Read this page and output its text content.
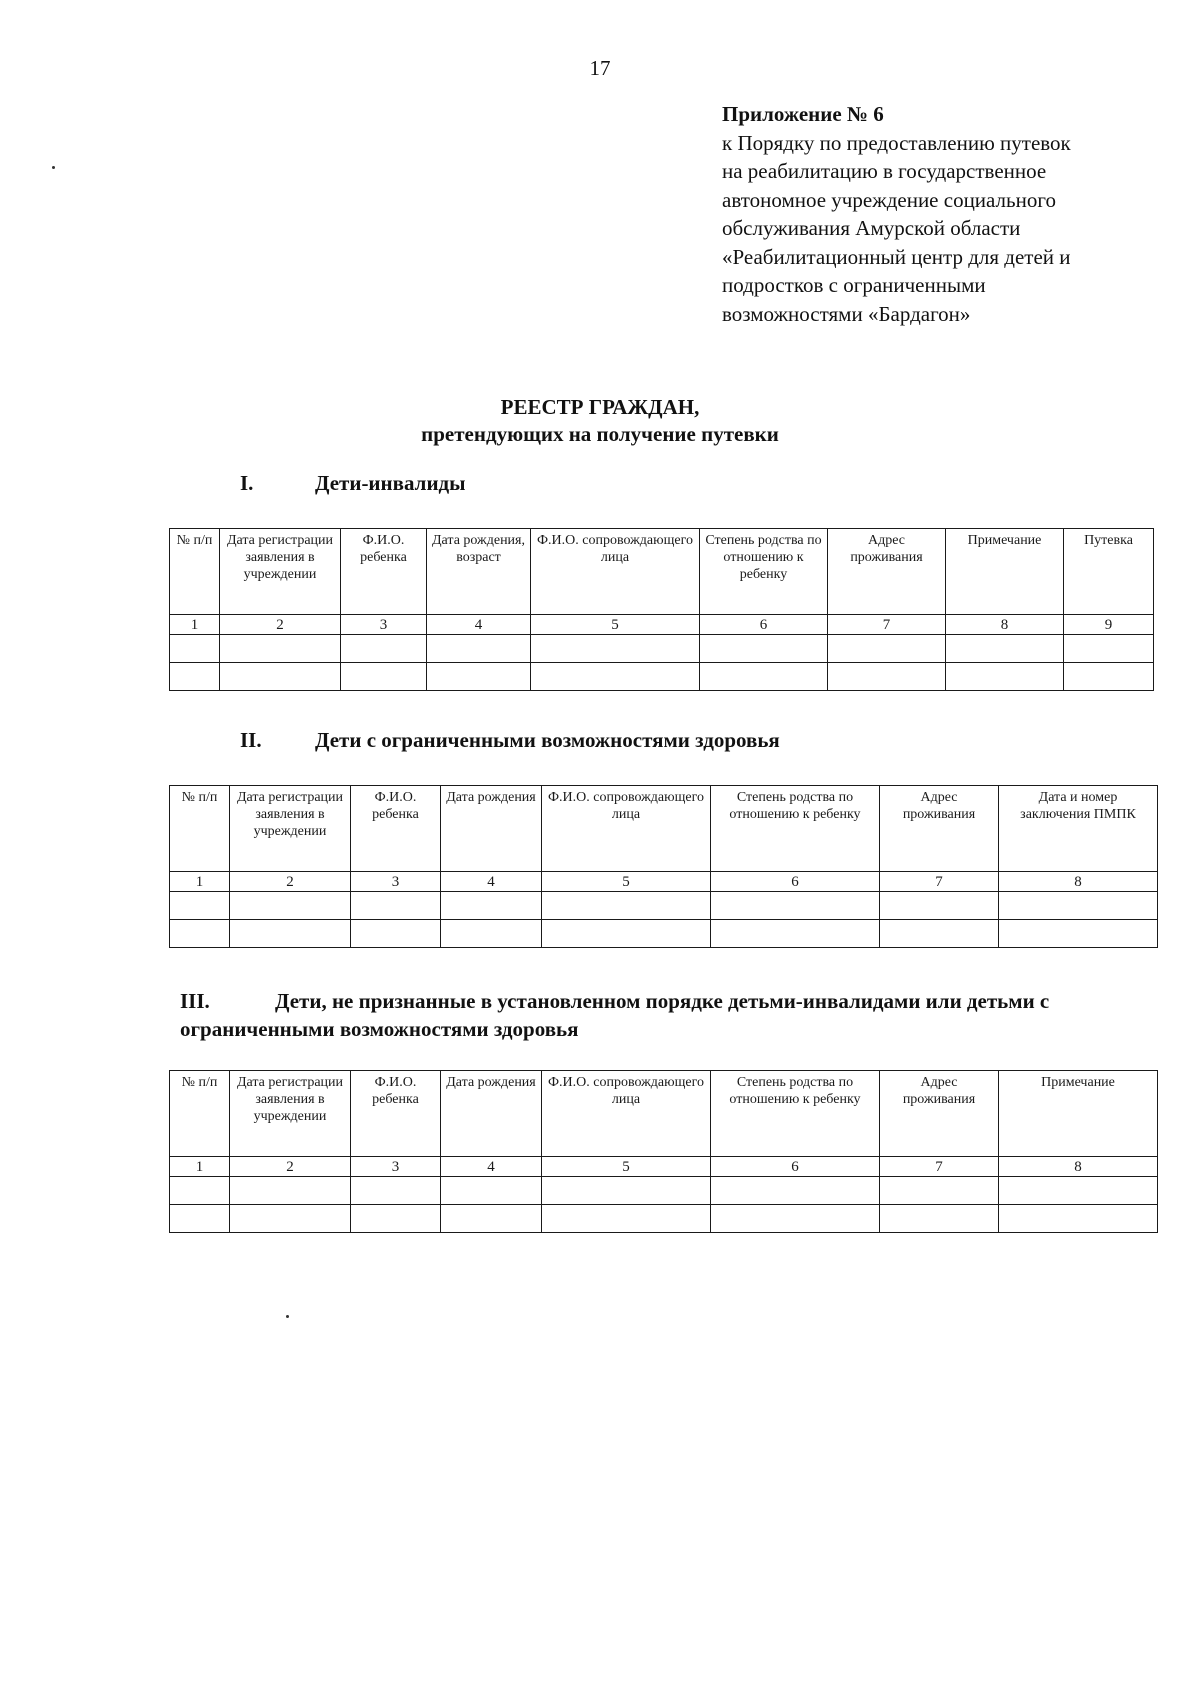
17
Приложение № 6
к Порядку по предоставлению путевок
на реабилитацию в государственное
автономное учреждение социального
обслуживания Амурской области
«Реабилитационный центр для детей и
подростков с ограниченными
возможностями «Бардагон»
РЕЕСТР ГРАЖДАН,
претендующих на получение путевки
I.	Дети-инвалиды
№ п/п	Дата регистрации заявления в учреждении	Ф.И.О. ребенка	Дата рождения, возраст	Ф.И.О. сопровождающего лица	Степень родства по отношению к ребенку	Адрес проживания	Примечание	Путевка
1	2	3	4	5	6	7	8	9

II.	Дети с ограниченными возможностями здоровья
№ п/п	Дата регистрации заявления в учреждении	Ф.И.О. ребенка	Дата рождения	Ф.И.О. сопровождающего лица	Степень родства по отношению к ребенку	Адрес проживания	Дата и номер заключения ПМПК
1	2	3	4	5	6	7	8

III.	Дети, не признанные в установленном порядке детьми-инвалидами или детьми с ограниченными возможностями здоровья
№ п/п	Дата регистрации заявления в учреждении	Ф.И.О. ребенка	Дата рождения	Ф.И.О. сопровождающего лица	Степень родства по отношению к ребенку	Адрес проживания	Примечание
1	2	3	4	5	6	7	8
